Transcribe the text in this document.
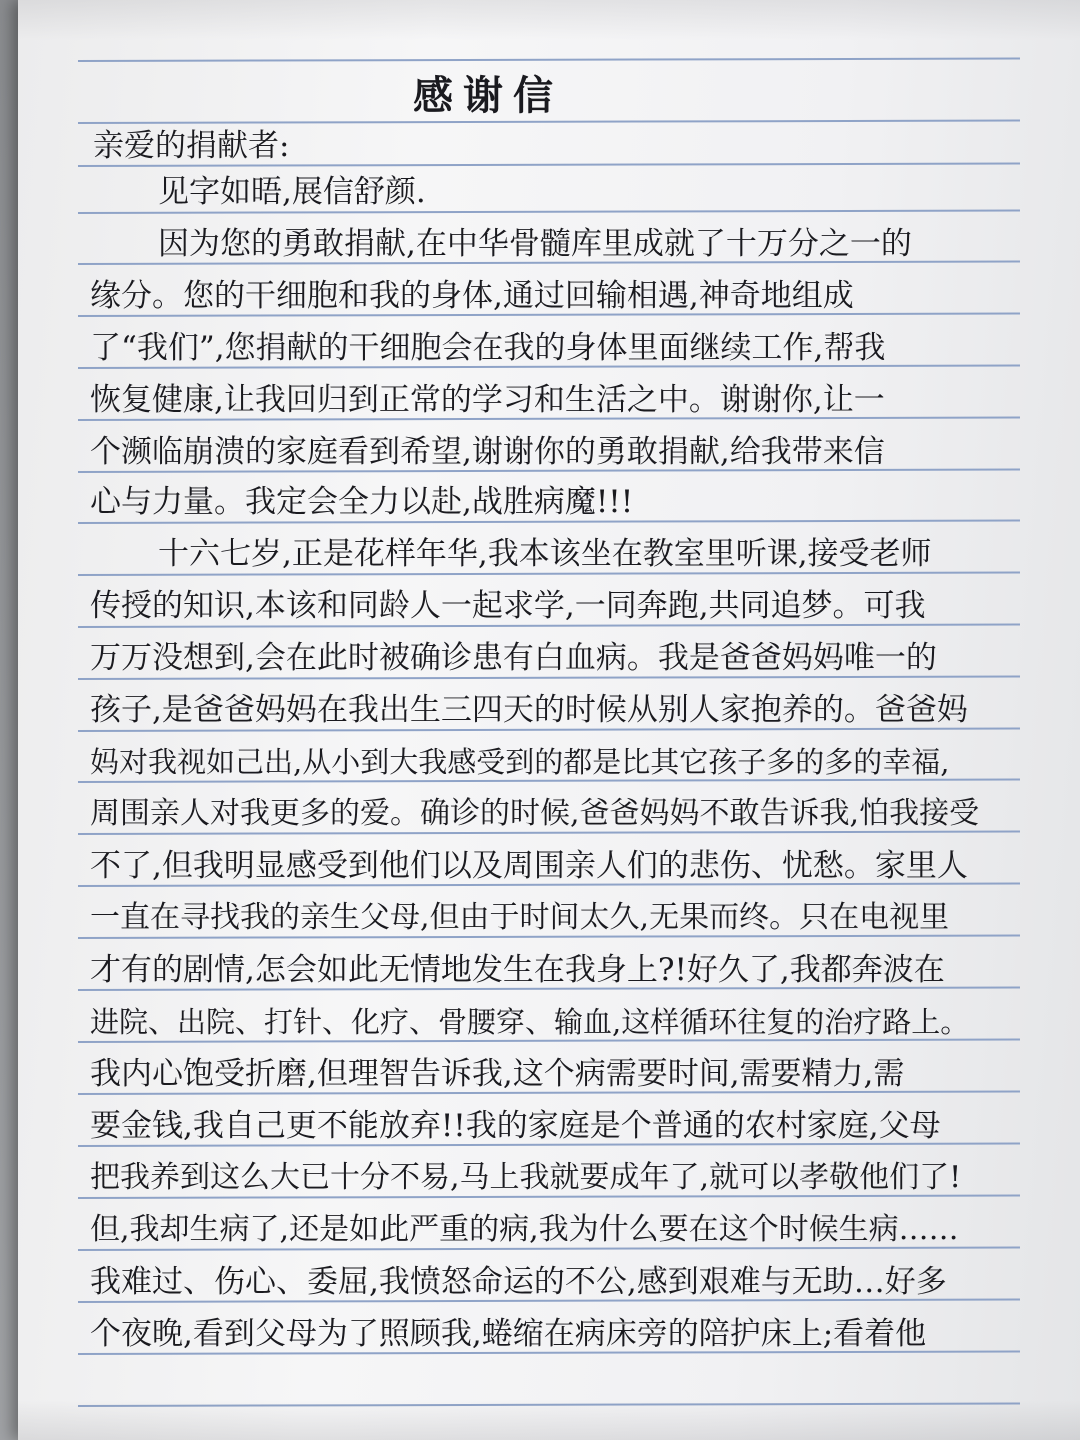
感谢信
亲爱的捐献者:
见字如晤,展信舒颜.
因为您的勇敢捐献,在中华骨髓库里成就了十万分之一的
缘分。您的干细胞和我的身体,通过回输相遇,神奇地组成
了“我们”,您捐献的干细胞会在我的身体里面继续工作,帮我
恢复健康,让我回归到正常的学习和生活之中。谢谢你,让一
个濒临崩溃的家庭看到希望,谢谢你的勇敢捐献,给我带来信
心与力量。我定会全力以赴,战胜病魔!!!
十六七岁,正是花样年华,我本该坐在教室里听课,接受老师
传授的知识,本该和同龄人一起求学,一同奔跑,共同追梦。可我
万万没想到,会在此时被确诊患有白血病。我是爸爸妈妈唯一的
孩子,是爸爸妈妈在我出生三四天的时候从别人家抱养的。爸爸妈
妈对我视如己出,从小到大我感受到的都是比其它孩子多的多的幸福,
周围亲人对我更多的爱。确诊的时候,爸爸妈妈不敢告诉我,怕我接受
不了,但我明显感受到他们以及周围亲人们的悲伤、忧愁。家里人
一直在寻找我的亲生父母,但由于时间太久,无果而终。只在电视里
才有的剧情,怎会如此无情地发生在我身上?!好久了,我都奔波在
进院、出院、打针、化疗、骨腰穿、输血,这样循环往复的治疗路上。
我内心饱受折磨,但理智告诉我,这个病需要时间,需要精力,需
要金钱,我自己更不能放弃!!我的家庭是个普通的农村家庭,父母
把我养到这么大已十分不易,马上我就要成年了,就可以孝敬他们了!
但,我却生病了,还是如此严重的病,我为什么要在这个时候生病……
我难过、伤心、委屈,我愤怒命运的不公,感到艰难与无助…好多
个夜晚,看到父母为了照顾我,蜷缩在病床旁的陪护床上;看着他
